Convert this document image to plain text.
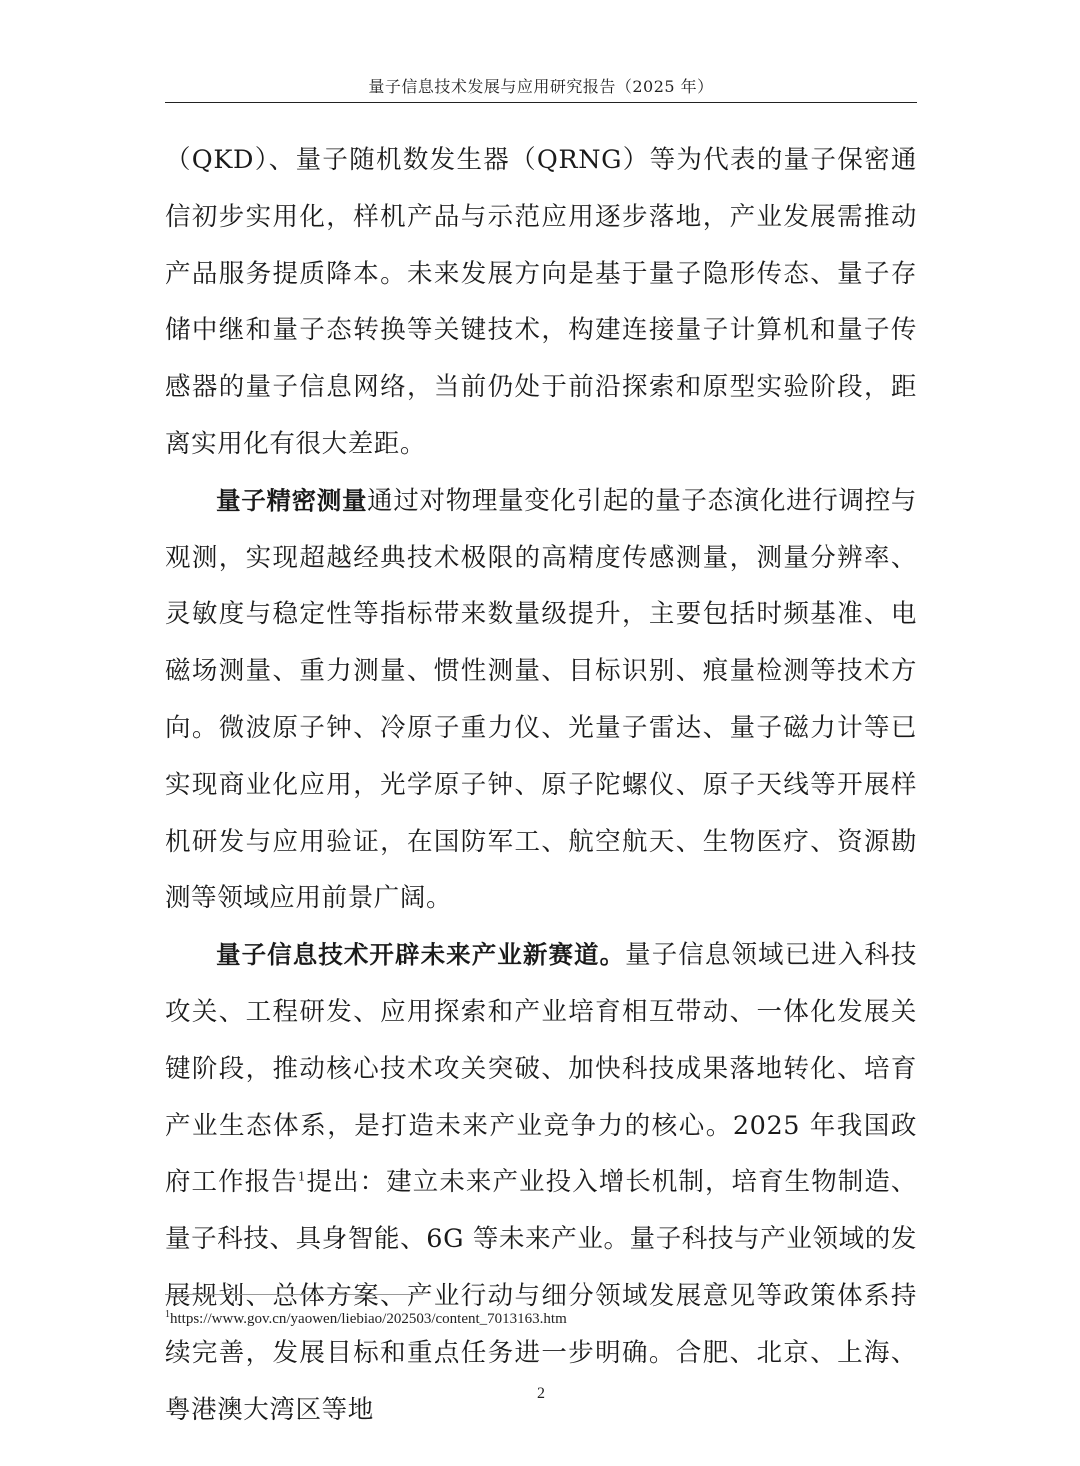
量子信息技术发展与应用研究报告（2025 年）

（QKD）、量子随机数发生器（QRNG）等为代表的量子保密通信初步实用化，样机产品与示范应用逐步落地，产业发展需推动产品服务提质降本。未来发展方向是基于量子隐形传态、量子存储中继和量子态转换等关键技术，构建连接量子计算机和量子传感器的量子信息网络，当前仍处于前沿探索和原型实验阶段，距离实用化有很大差距。

量子精密测量通过对物理量变化引起的量子态演化进行调控与观测，实现超越经典技术极限的高精度传感测量，测量分辨率、灵敏度与稳定性等指标带来数量级提升，主要包括时频基准、电磁场测量、重力测量、惯性测量、目标识别、痕量检测等技术方向。微波原子钟、冷原子重力仪、光量子雷达、量子磁力计等已实现商业化应用，光学原子钟、原子陀螺仪、原子天线等开展样机研发与应用验证，在国防军工、航空航天、生物医疗、资源勘测等领域应用前景广阔。

量子信息技术开辟未来产业新赛道。量子信息领域已进入科技攻关、工程研发、应用探索和产业培育相互带动、一体化发展关键阶段，推动核心技术攻关突破、加快科技成果落地转化、培育产业生态体系，是打造未来产业竞争力的核心。2025 年我国政府工作报告$^1$提出：建立未来产业投入增长机制，培育生物制造、量子科技、具身智能、6G 等未来产业。量子科技与产业领域的发展规划、总体方案、产业行动与细分领域发展意见等政策体系持续完善，发展目标和重点任务进一步明确。合肥、北京、上海、粤港澳大湾区等地

$^1$https://www.gov.cn/yaowen/liebiao/202503/content_7013163.htm
2
